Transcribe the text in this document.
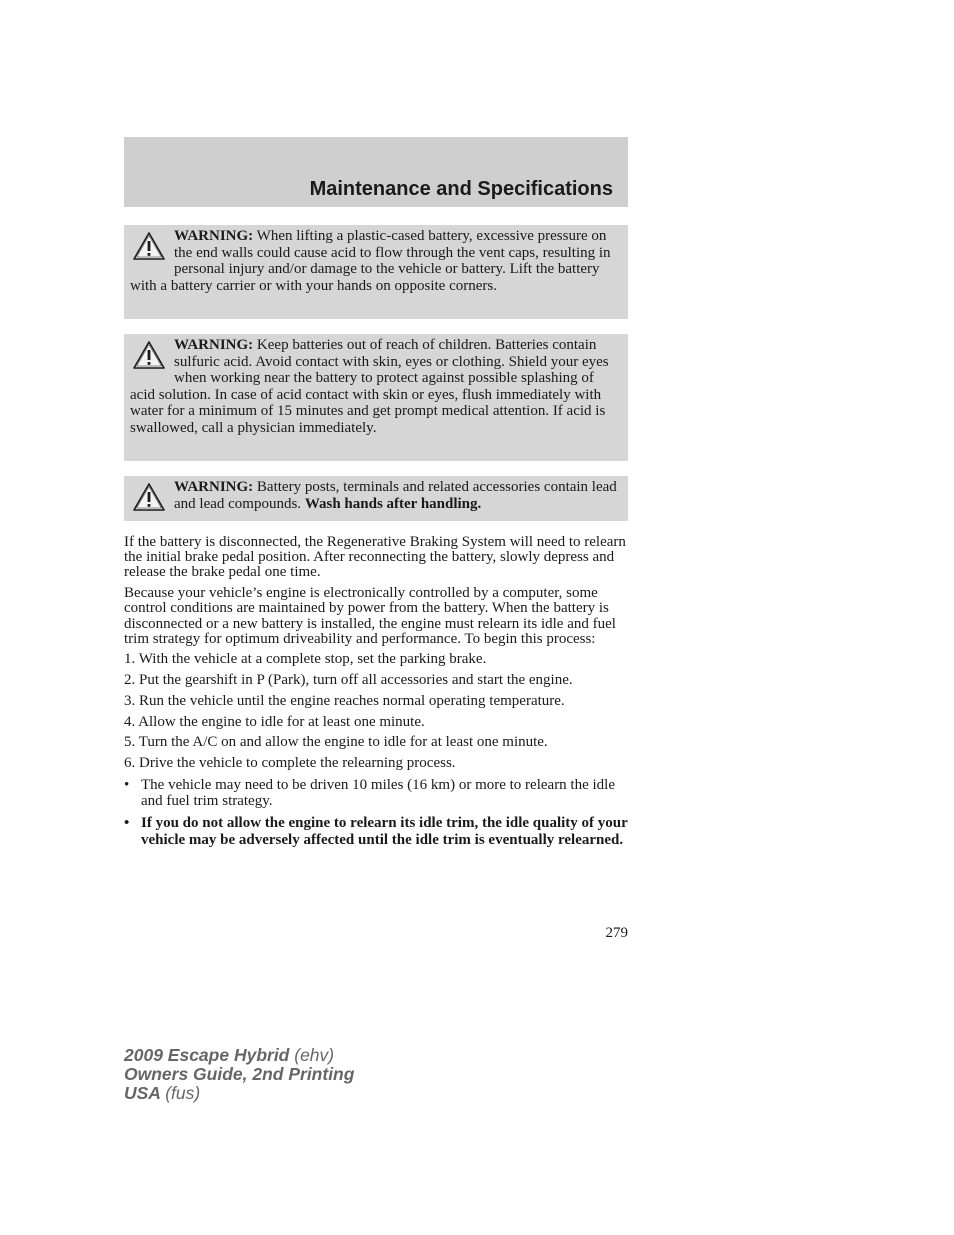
Maintenance and Specifications
WARNING: When lifting a plastic-cased battery, excessive pressure on the end walls could cause acid to flow through the vent caps, resulting in personal injury and/or damage to the vehicle or battery. Lift the battery with a battery carrier or with your hands on opposite corners.
WARNING: Keep batteries out of reach of children. Batteries contain sulfuric acid. Avoid contact with skin, eyes or clothing. Shield your eyes when working near the battery to protect against possible splashing of acid solution. In case of acid contact with skin or eyes, flush immediately with water for a minimum of 15 minutes and get prompt medical attention. If acid is swallowed, call a physician immediately.
WARNING: Battery posts, terminals and related accessories contain lead and lead compounds. Wash hands after handling.

If the battery is disconnected, the Regenerative Braking System will need to relearn the initial brake pedal position. After reconnecting the battery, slowly depress and release the brake pedal one time.

Because your vehicle’s engine is electronically controlled by a computer, some control conditions are maintained by power from the battery. When the battery is disconnected or a new battery is installed, the engine must relearn its idle and fuel trim strategy for optimum driveability and performance. To begin this process:

1. With the vehicle at a complete stop, set the parking brake.

2. Put the gearshift in P (Park), turn off all accessories and start the engine.

3. Run the vehicle until the engine reaches normal operating temperature.

4. Allow the engine to idle for at least one minute.

5. Turn the A/C on and allow the engine to idle for at least one minute.

6. Drive the vehicle to complete the relearning process.

• The vehicle may need to be driven 10 miles (16 km) or more to relearn the idle and fuel trim strategy.
• If you do not allow the engine to relearn its idle trim, the idle quality of your vehicle may be adversely affected until the idle trim is eventually relearned.
279
2009 Escape Hybrid (ehv)
Owners Guide, 2nd Printing
USA (fus)
